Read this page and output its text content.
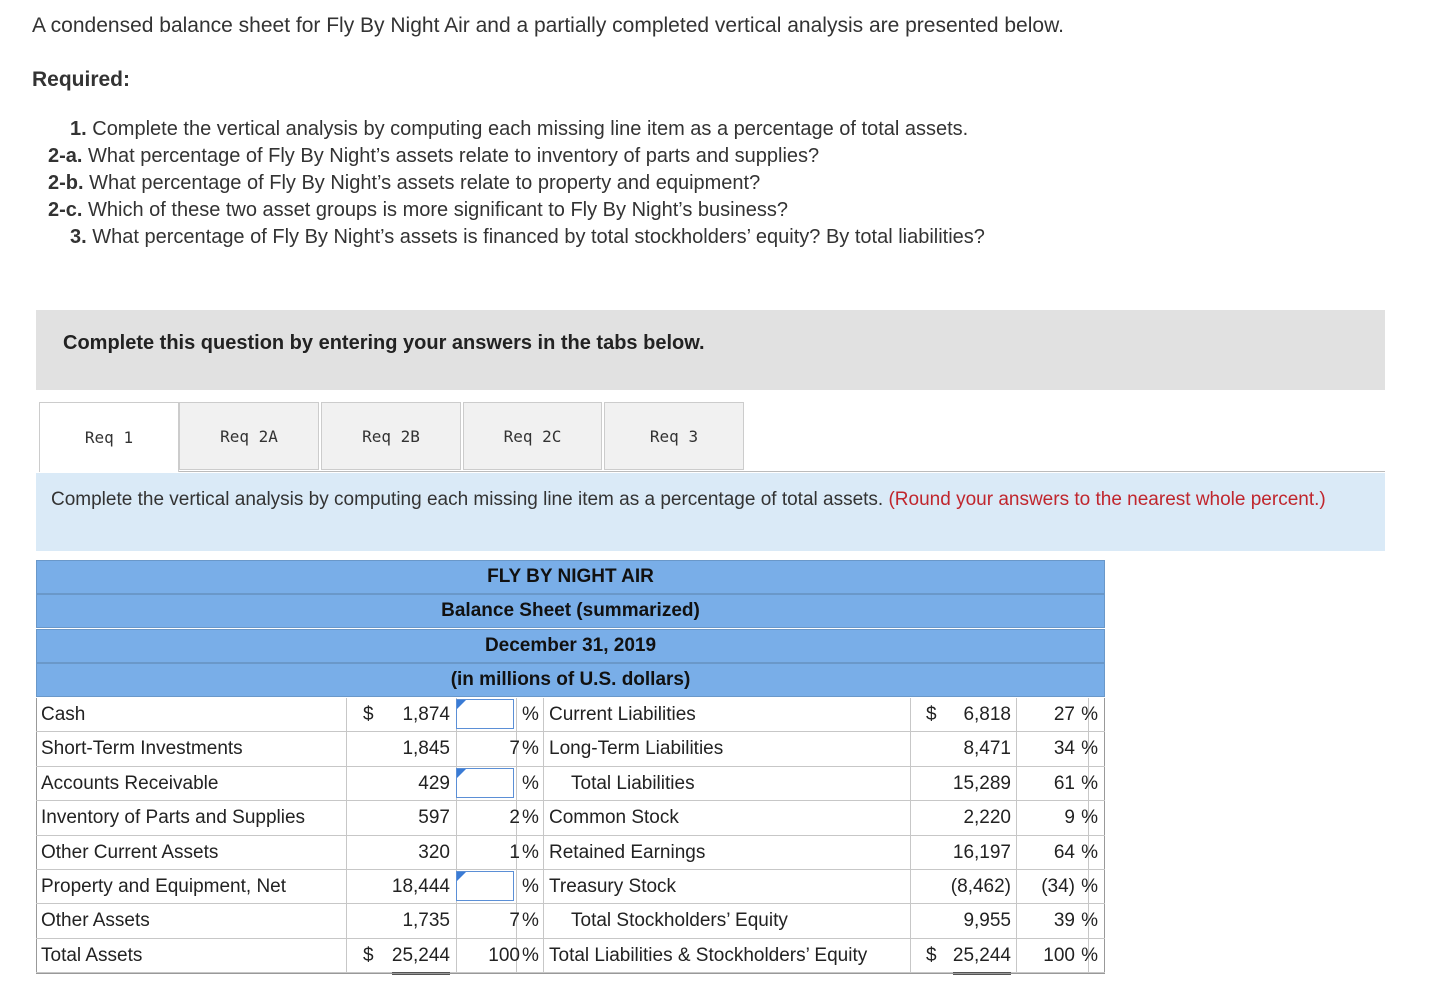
A condensed balance sheet for Fly By Night Air and a partially completed vertical analysis are presented below.
Required:
1. Complete the vertical analysis by computing each missing line item as a percentage of total assets.
2-a. What percentage of Fly By Night’s assets relate to inventory of parts and supplies?
2-b. What percentage of Fly By Night’s assets relate to property and equipment?
2-c. Which of these two asset groups is more significant to Fly By Night’s business?
3. What percentage of Fly By Night’s assets is financed by total stockholders’ equity? By total liabilities?
Complete this question by entering your answers in the tabs below.
Req 1	Req 2A	Req 2B	Req 2C	Req 3
Complete the vertical analysis by computing each missing line item as a percentage of total assets. (Round your answers to the nearest whole percent.)
FLY BY NIGHT AIR
Balance Sheet (summarized)
December 31, 2019
(in millions of U.S. dollars)
Cash	$ 1,874	% Current Liabilities	$ 6,818 27 %
Short-Term Investments	1,845	7 % Long-Term Liabilities	8,471 34 %
Accounts Receivable	429	% Total Liabilities	15,289 61 %
Inventory of Parts and Supplies	597	2 % Common Stock	2,220	9 %
Other Current Assets	320	1 % Retained Earnings	16,197 64 %
Property and Equipment, Net	18,444	% Treasury Stock	(8,462) (34) %
Other Assets	1,735	7 % Total Stockholders’ Equity	9,955 39 %
Total Assets	$ 25,244 100 % Total Liabilities & Stockholders’ Equity	$ 25,244 100 %
